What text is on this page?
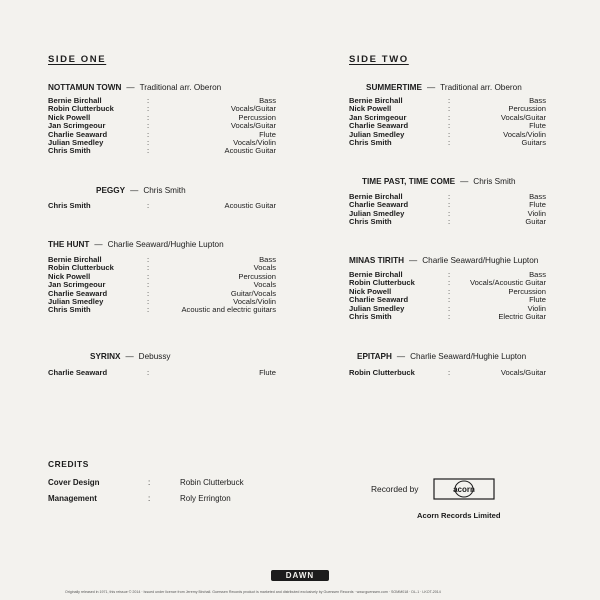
SIDE ONE	SIDE TWO
NOTTAMUN TOWN — Traditional arr. Oberon
Bernie Birchall	:	Bass
Robin Clutterbuck	:	Vocals/Guitar
Nick Powell	:	Percussion
Jan Scrimgeour	:	Vocals/Guitar
Charlie Seaward	:	Flute
Julian Smedley	:	Vocals/Violin
Chris Smith	:	Acoustic Guitar
PEGGY — Chris Smith
Chris Smith	:	Acoustic Guitar
THE HUNT — Charlie Seaward/Hughie Lupton
Bernie Birchall	:	Bass
Robin Clutterbuck	:	Vocals
Nick Powell	:	Percussion
Jan Scrimgeour	:	Vocals
Charlie Seaward	:	Guitar/Vocals
Julian Smedley	:	Vocals/Violin
Chris Smith	:	Acoustic and electric guitars
SYRINX — Debussy
Charlie Seaward	:	Flute
SUMMERTIME — Traditional arr. Oberon
Bernie Birchall	:	Bass
Nick Powell	:	Percussion
Jan Scrimgeour	:	Vocals/Guitar
Charlie Seaward	:	Flute
Julian Smedley	:	Vocals/Violin
Chris Smith	:	Guitars
TIME PAST, TIME COME — Chris Smith
Bernie Birchall	:	Bass
Charlie Seaward	:	Flute
Julian Smedley	:	Violin
Chris Smith	:	Guitar
MINAS TIRITH — Charlie Seaward/Hughie Lupton
Bernie Birchall	:	Bass
Robin Clutterbuck	:	Vocals/Acoustic Guitar
Nick Powell	:	Percussion
Charlie Seaward	:	Flute
Julian Smedley	:	Violin
Chris Smith	:	Electric Guitar
EPITAPH — Charlie Seaward/Hughie Lupton
Robin Clutterbuck	:	Vocals/Guitar
CREDITS
Cover Design	:	Robin Clutterbuck
Management	:	Roly Errington
Recorded by	acorn
Acorn Records Limited
DAWN
Originally released in 1971, this reissue © 2014 · Issued under licence from Jeremy Birchall. Guerssen Records product is marketed and distributed exclusively by Guerssen Records · www.guerssen.com · SOMM018 · DL-1 · LKOT-2014
